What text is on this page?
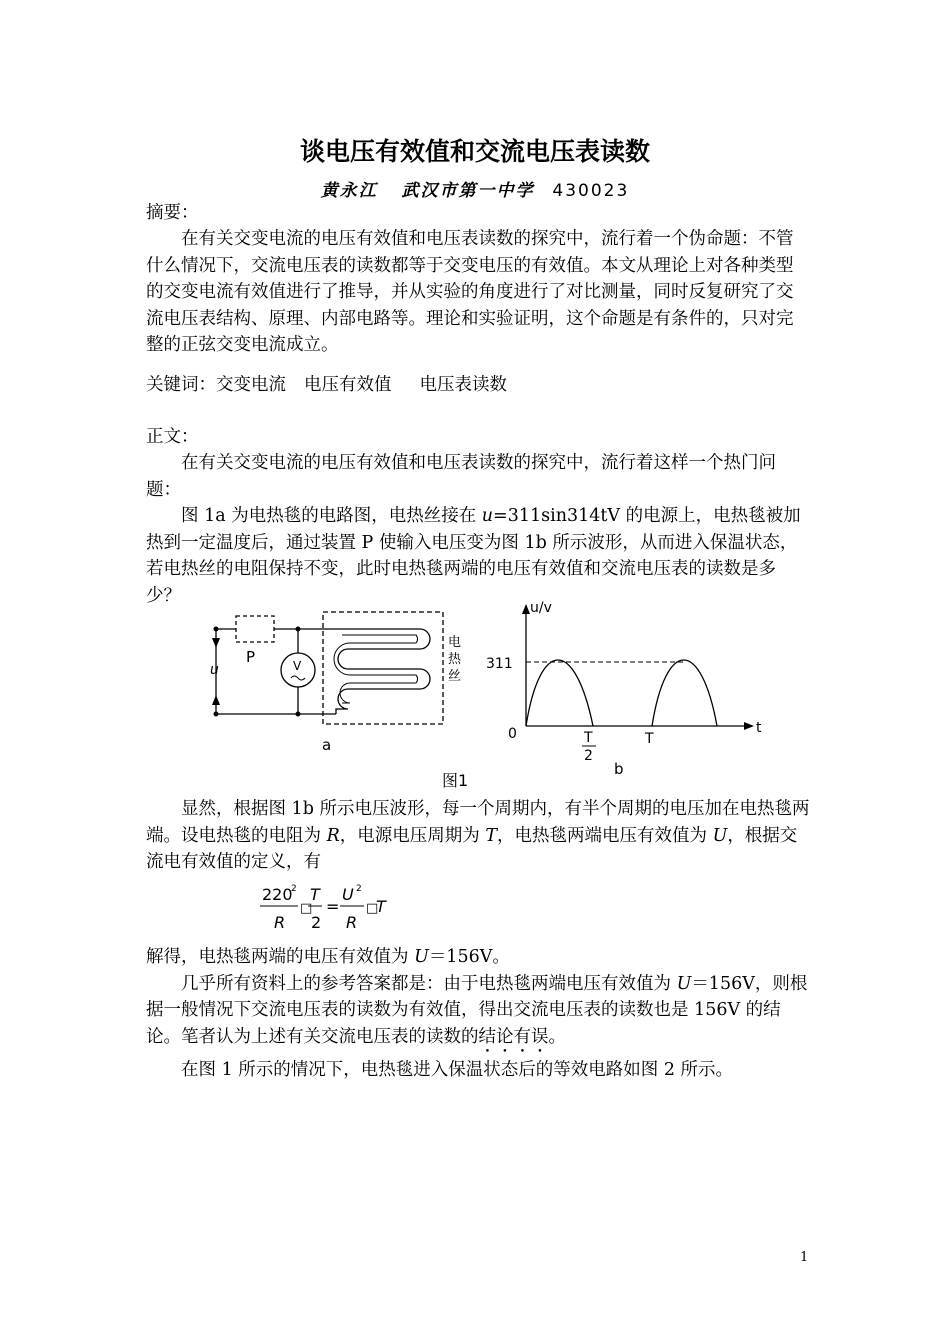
谈电压有效值和交流电压表读数
黄永江 武汉市第一中学 430023
摘要：

在有关交变电流的电压有效值和电压表读数的探究中，流行着一个伪命题：不管什么情况下，交流电压表的读数都等于交变电压的有效值。本文从理论上对各种类型的交变电流有效值进行了推导，并从实验的角度进行了对比测量，同时反复研究了交流电压表结构、原理、内部电路等。理论和实验证明，这个命题是有条件的，只对完整的正弦交变电流成立。

关键词：交变电流 电压有效值 电压表读数
正文：

在有关交变电流的电压有效值和电压表读数的探究中，流行着这样一个热门问题：

图 1a 为电热毯的电路图，电热丝接在 u=311sin314tV 的电源上，电热毯被加热到一定温度后，通过装置 P 使输入电压变为图 1b 所示波形，从而进入保温状态，若电热丝的电阻保持不变，此时电热毯两端的电压有效值和交流电压表的读数是多少？

u
P	V
电
热
丝
a
u/v
311
0	T
2
T
t
b
图1

显然，根据图 1b 所示电压波形，每一个周期内，有半个周期的电压加在电热毯两端。设电热毯的电阻为 R，电源电压周期为 T，电热毯两端电压有效值为 U，根据交流电有效值的定义，有

220
2
R
□
T
2
=
U 2
R
□
T

解得，电热毯两端的电压有效值为 U＝156V。

几乎所有资料上的参考答案都是：由于电热毯两端电压有效值为 U＝156V，则根据一般情况下交流电压表的读数为有效值，得出交流电压表的读数也是 156V 的结论。笔者认为上述有关交流电压表的读数的结论有误。

在图 1 所示的情况下，电热毯进入保温状态后的等效电路如图 2 所示。

1
